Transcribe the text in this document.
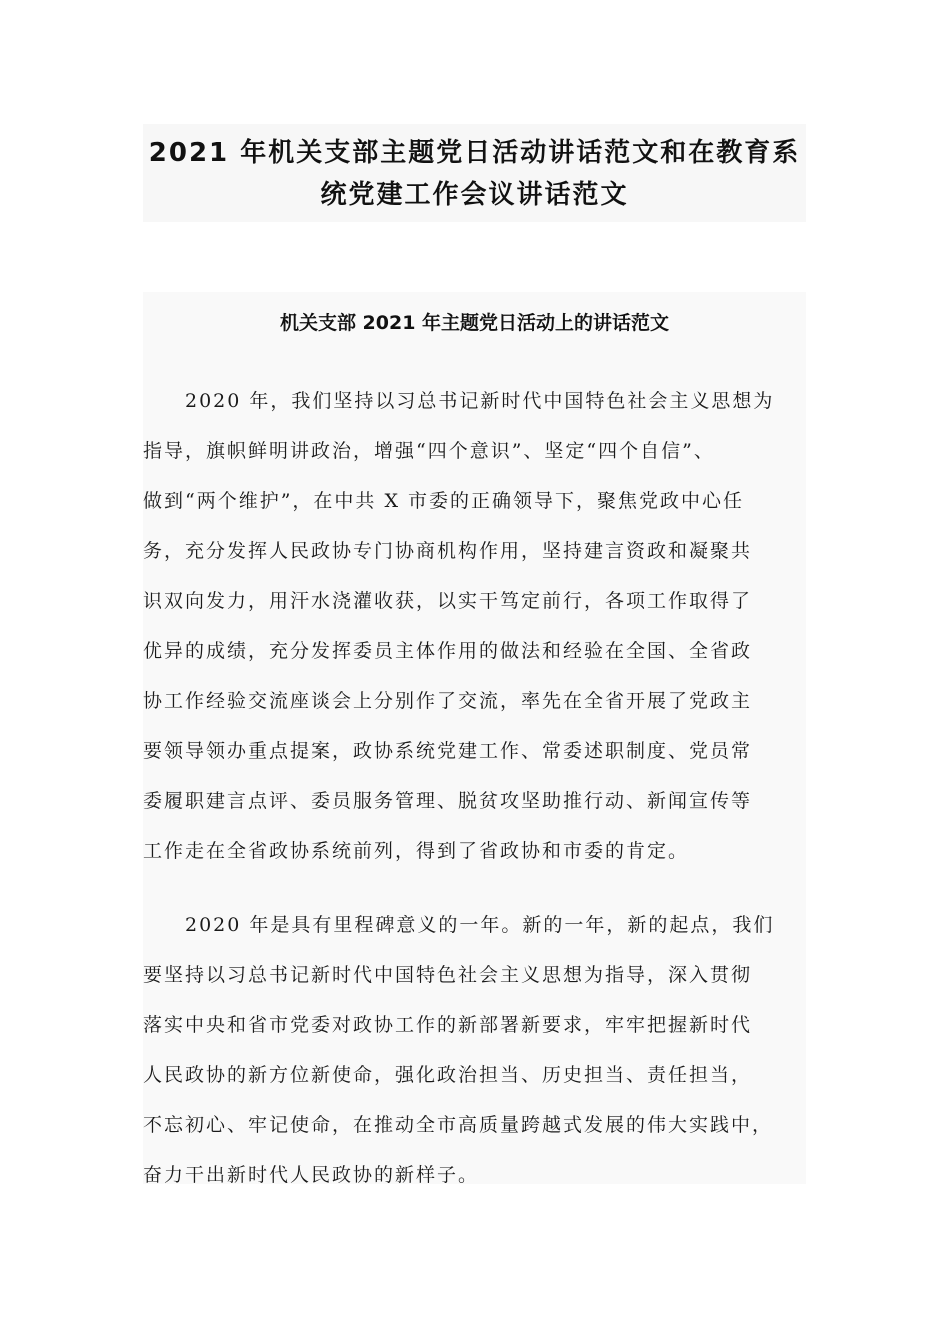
2021 年机关支部主题党日活动讲话范文和在教育系
统党建工作会议讲话范文
机关支部 2021 年主题党日活动上的讲话范文

2020 年，我们坚持以习总书记新时代中国特色社会主义思想为
指导，旗帜鲜明讲政治，增强“四个意识”、坚定“四个自信”、
做到“两个维护”，在中共 X 市委的正确领导下，聚焦党政中心任
务，充分发挥人民政协专门协商机构作用，坚持建言资政和凝聚共
识双向发力，用汗水浇灌收获，以实干笃定前行，各项工作取得了
优异的成绩，充分发挥委员主体作用的做法和经验在全国、全省政
协工作经验交流座谈会上分别作了交流，率先在全省开展了党政主
要领导领办重点提案，政协系统党建工作、常委述职制度、党员常
委履职建言点评、委员服务管理、脱贫攻坚助推行动、新闻宣传等
工作走在全省政协系统前列，得到了省政协和市委的肯定。

2020 年是具有里程碑意义的一年。新的一年，新的起点，我们
要坚持以习总书记新时代中国特色社会主义思想为指导，深入贯彻
落实中央和省市党委对政协工作的新部署新要求，牢牢把握新时代
人民政协的新方位新使命，强化政治担当、历史担当、责任担当，
不忘初心、牢记使命，在推动全市高质量跨越式发展的伟大实践中，
奋力干出新时代人民政协的新样子。
